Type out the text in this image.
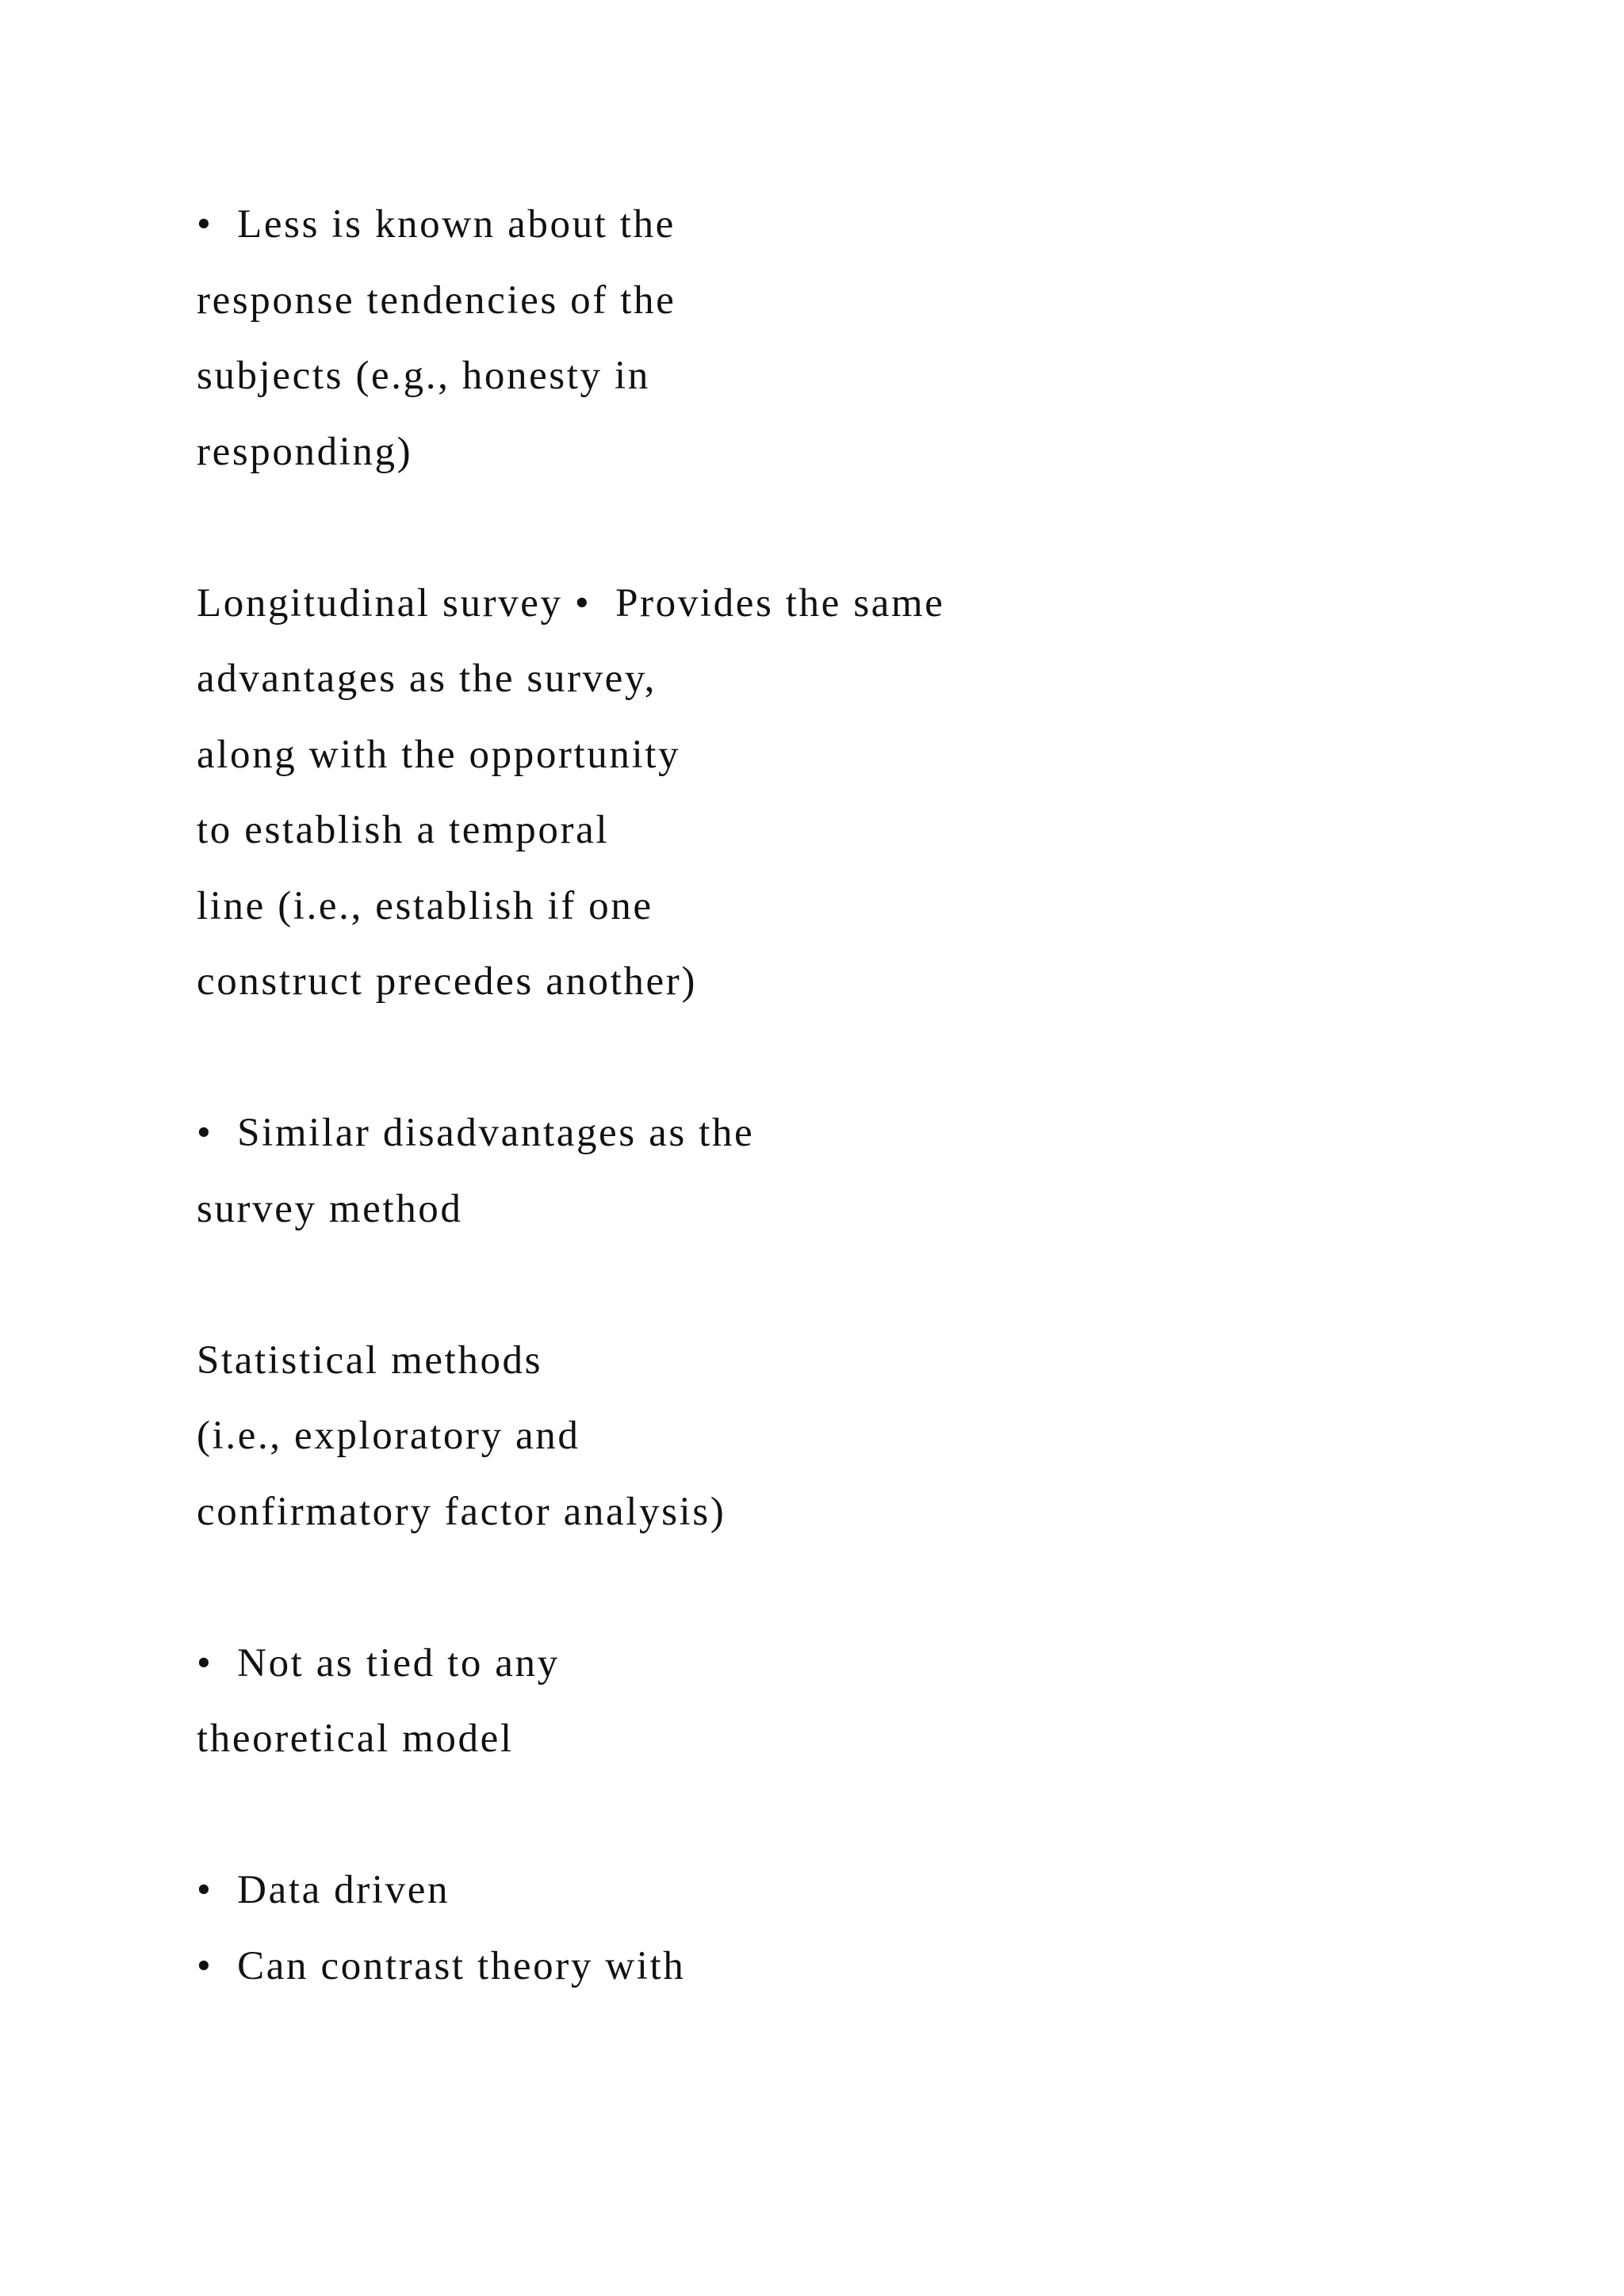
•  Less is known about the
response tendencies of the
subjects (e.g., honesty in
responding)
Longitudinal survey •  Provides the same
advantages as the survey,
along with the opportunity
to establish a temporal
line (i.e., establish if one
construct precedes another)
•  Similar disadvantages as the
survey method
Statistical methods
(i.e., exploratory and
confirmatory factor analysis)
•  Not as tied to any
theoretical model
•  Data driven
•  Can contrast theory with
